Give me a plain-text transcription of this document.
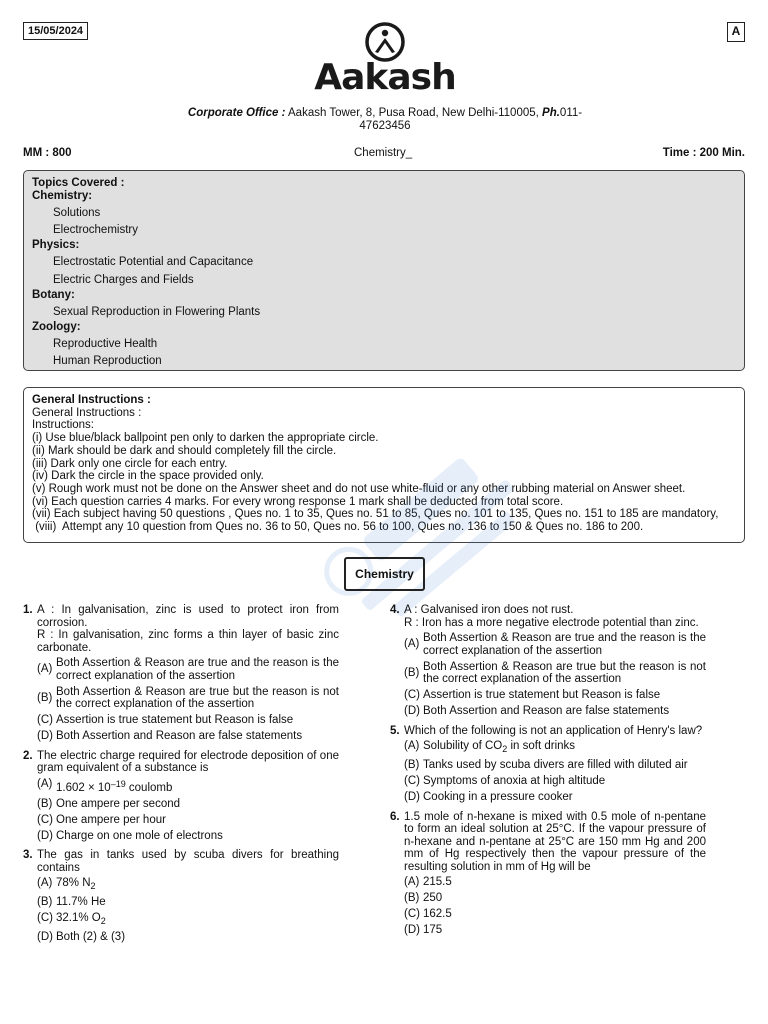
15/05/2024	A
Aakash
Corporate Office : Aakash Tower, 8, Pusa Road, New Delhi-110005, Ph.011-47623456
MM : 800	Chemistry_	Time : 200 Min.
Topics Covered :
Chemistry:
Solutions
Electrochemistry
Physics:
Electrostatic Potential and Capacitance
Electric Charges and Fields
Botany:
Sexual Reproduction in Flowering Plants
Zoology:
Reproductive Health
Human Reproduction
General Instructions :
General Instructions :
Instructions:
(i) Use blue/black ballpoint pen only to darken the appropriate circle.
(ii) Mark should be dark and should completely fill the circle.
(iii) Dark only one circle for each entry.
(iv) Dark the circle in the space provided only.
(v) Rough work must not be done on the Answer sheet and do not use white-fluid or any other rubbing material on Answer sheet.
(vi) Each question carries 4 marks. For every wrong response 1 mark shall be deducted from total score.
(vii) Each subject having 50 questions , Ques no. 1 to 35, Ques no. 51 to 85, Ques no. 101 to 135, Ques no. 151 to 185 are mandatory,
(viii)  Attempt any 10 question from Ques no. 36 to 50, Ques no. 56 to 100, Ques no. 136 to 150 & Ques no. 186 to 200.
Chemistry
1. A : In galvanisation, zinc is used to protect iron from corrosion.
R : In galvanisation, zinc forms a thin layer of basic zinc carbonate.
(A) Both Assertion & Reason are true and the reason is the correct explanation of the assertion
(B) Both Assertion & Reason are true but the reason is not the correct explanation of the assertion
(C) Assertion is true statement but Reason is false
(D) Both Assertion and Reason are false statements
2. The electric charge required for electrode deposition of one gram equivalent of a substance is
(A) $1.602 \times 10^{-19}$ coulomb
(B) One ampere per second
(C) One ampere per hour
(D) Charge on one mole of electrons
3. The gas in tanks used by scuba divers for breathing contains
(A) 78% $N_2$
(B) 11.7% He
(C) 32.1% $O_2$
(D) Both (2) & (3)
4. A : Galvanised iron does not rust.
R : Iron has a more negative electrode potential than zinc.
(A) Both Assertion & Reason are true and the reason is the correct explanation of the assertion
(B) Both Assertion & Reason are true but the reason is not the correct explanation of the assertion
(C) Assertion is true statement but Reason is false
(D) Both Assertion and Reason are false statements
5. Which of the following is not an application of Henry's law?
(A) Solubility of $CO_2$ in soft drinks
(B) Tanks used by scuba divers are filled with diluted air
(C) Symptoms of anoxia at high altitude
(D) Cooking in a pressure cooker
6. 1.5 mole of n-hexane is mixed with 0.5 mole of n-pentane to form an ideal solution at 25°C. If the vapour pressure of n-hexane and n-pentane at 25°C are 150 mm Hg and 200 mm of Hg respectively then the vapour pressure of the resulting solution in mm of Hg will be
(A) 215.5
(B) 250
(C) 162.5
(D) 175
